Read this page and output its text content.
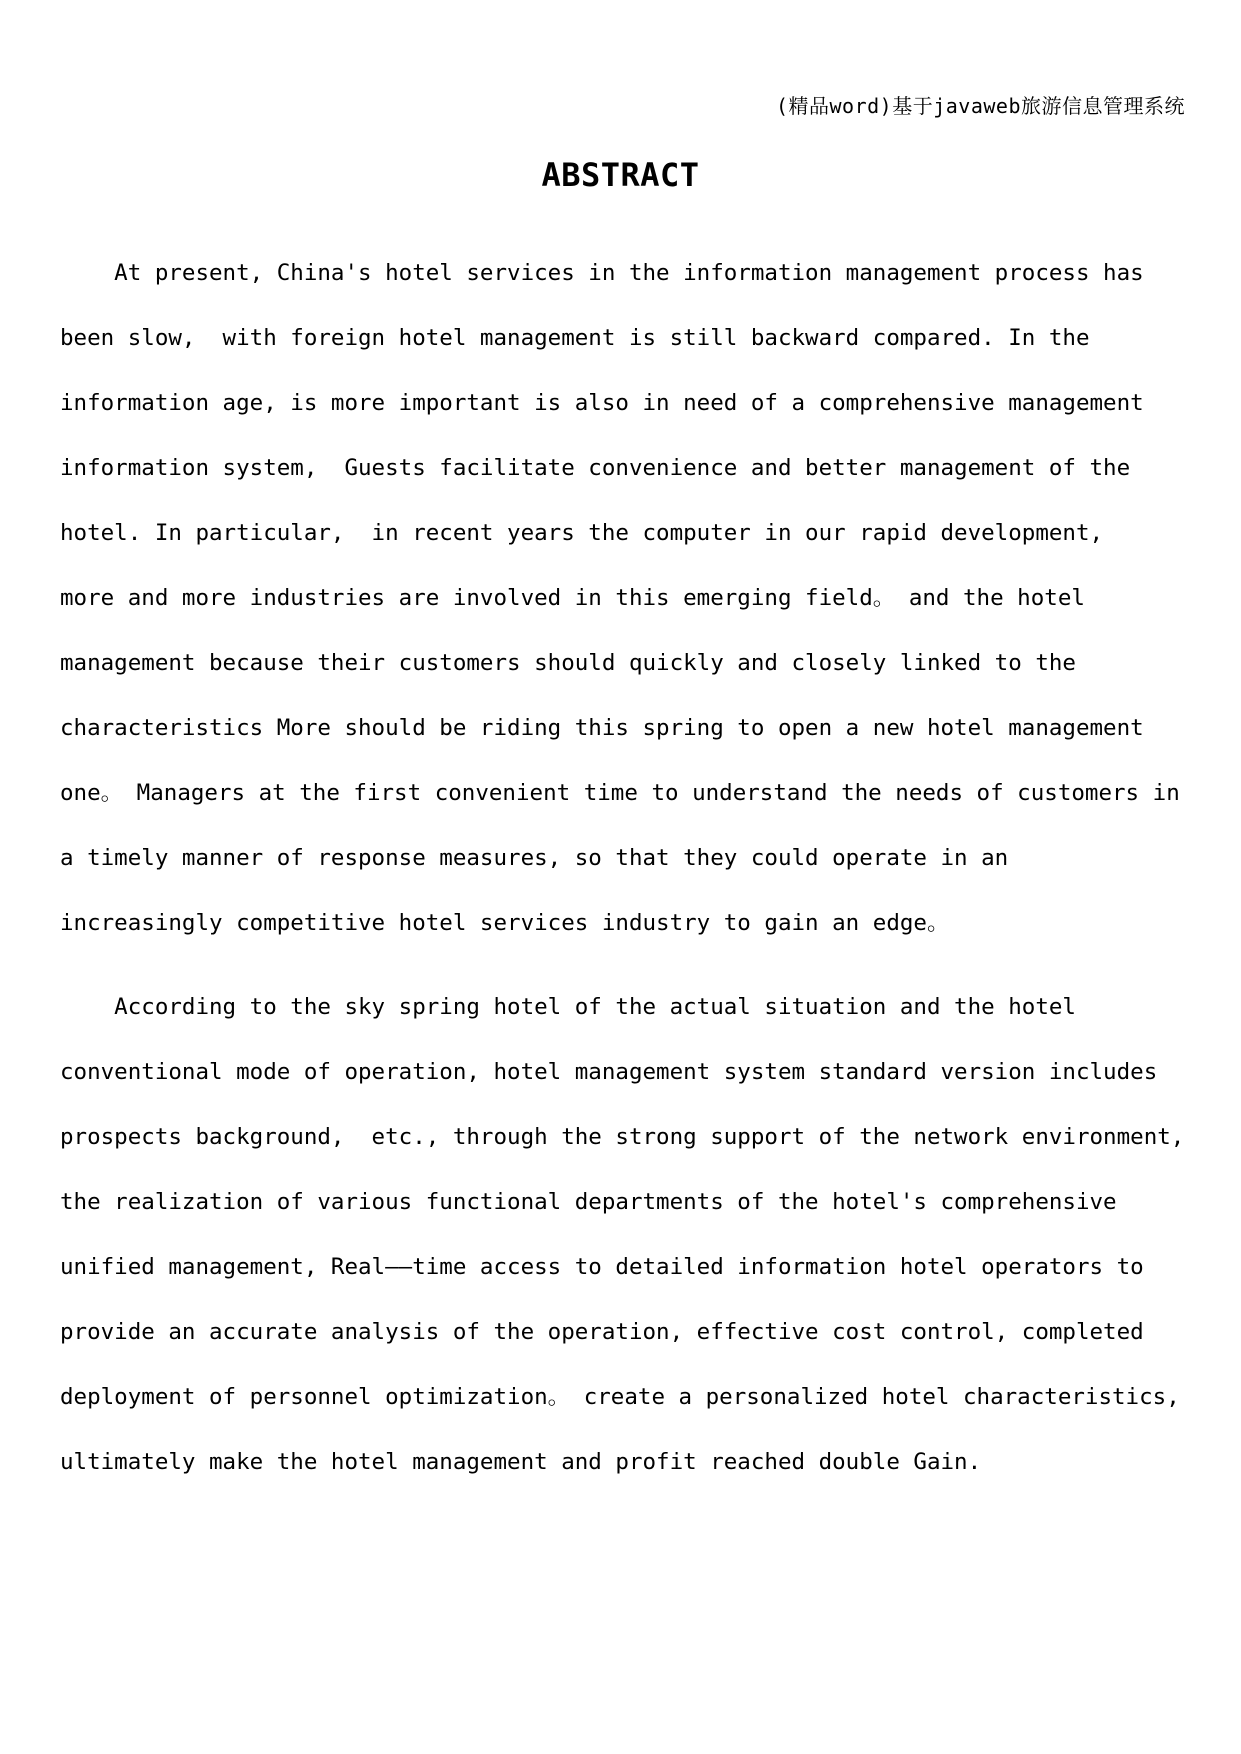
(精品word)基于javaweb旅游信息管理系统
ABSTRACT

At present, China's hotel services in the information management process has
been slow,  with foreign hotel management is still backward compared. In the
information age, is more important is also in need of a comprehensive management
information system,  Guests facilitate convenience and better management of the
hotel. In particular,  in recent years the computer in our rapid development,
more and more industries are involved in this emerging field。 and the hotel
management because their customers should quickly and closely linked to the
characteristics More should be riding this spring to open a new hotel management
one。 Managers at the first convenient time to understand the needs of customers in
a timely manner of response measures, so that they could operate in an
increasingly competitive hotel services industry to gain an edge。

According to the sky spring hotel of the actual situation and the hotel
conventional mode of operation, hotel management system standard version includes
prospects background,  etc., through the strong support of the network environment,
the realization of various functional departments of the hotel's comprehensive
unified management, Real——time access to detailed information hotel operators to
provide an accurate analysis of the operation, effective cost control, completed
deployment of personnel optimization。 create a personalized hotel characteristics,
ultimately make the hotel management and profit reached double Gain.
